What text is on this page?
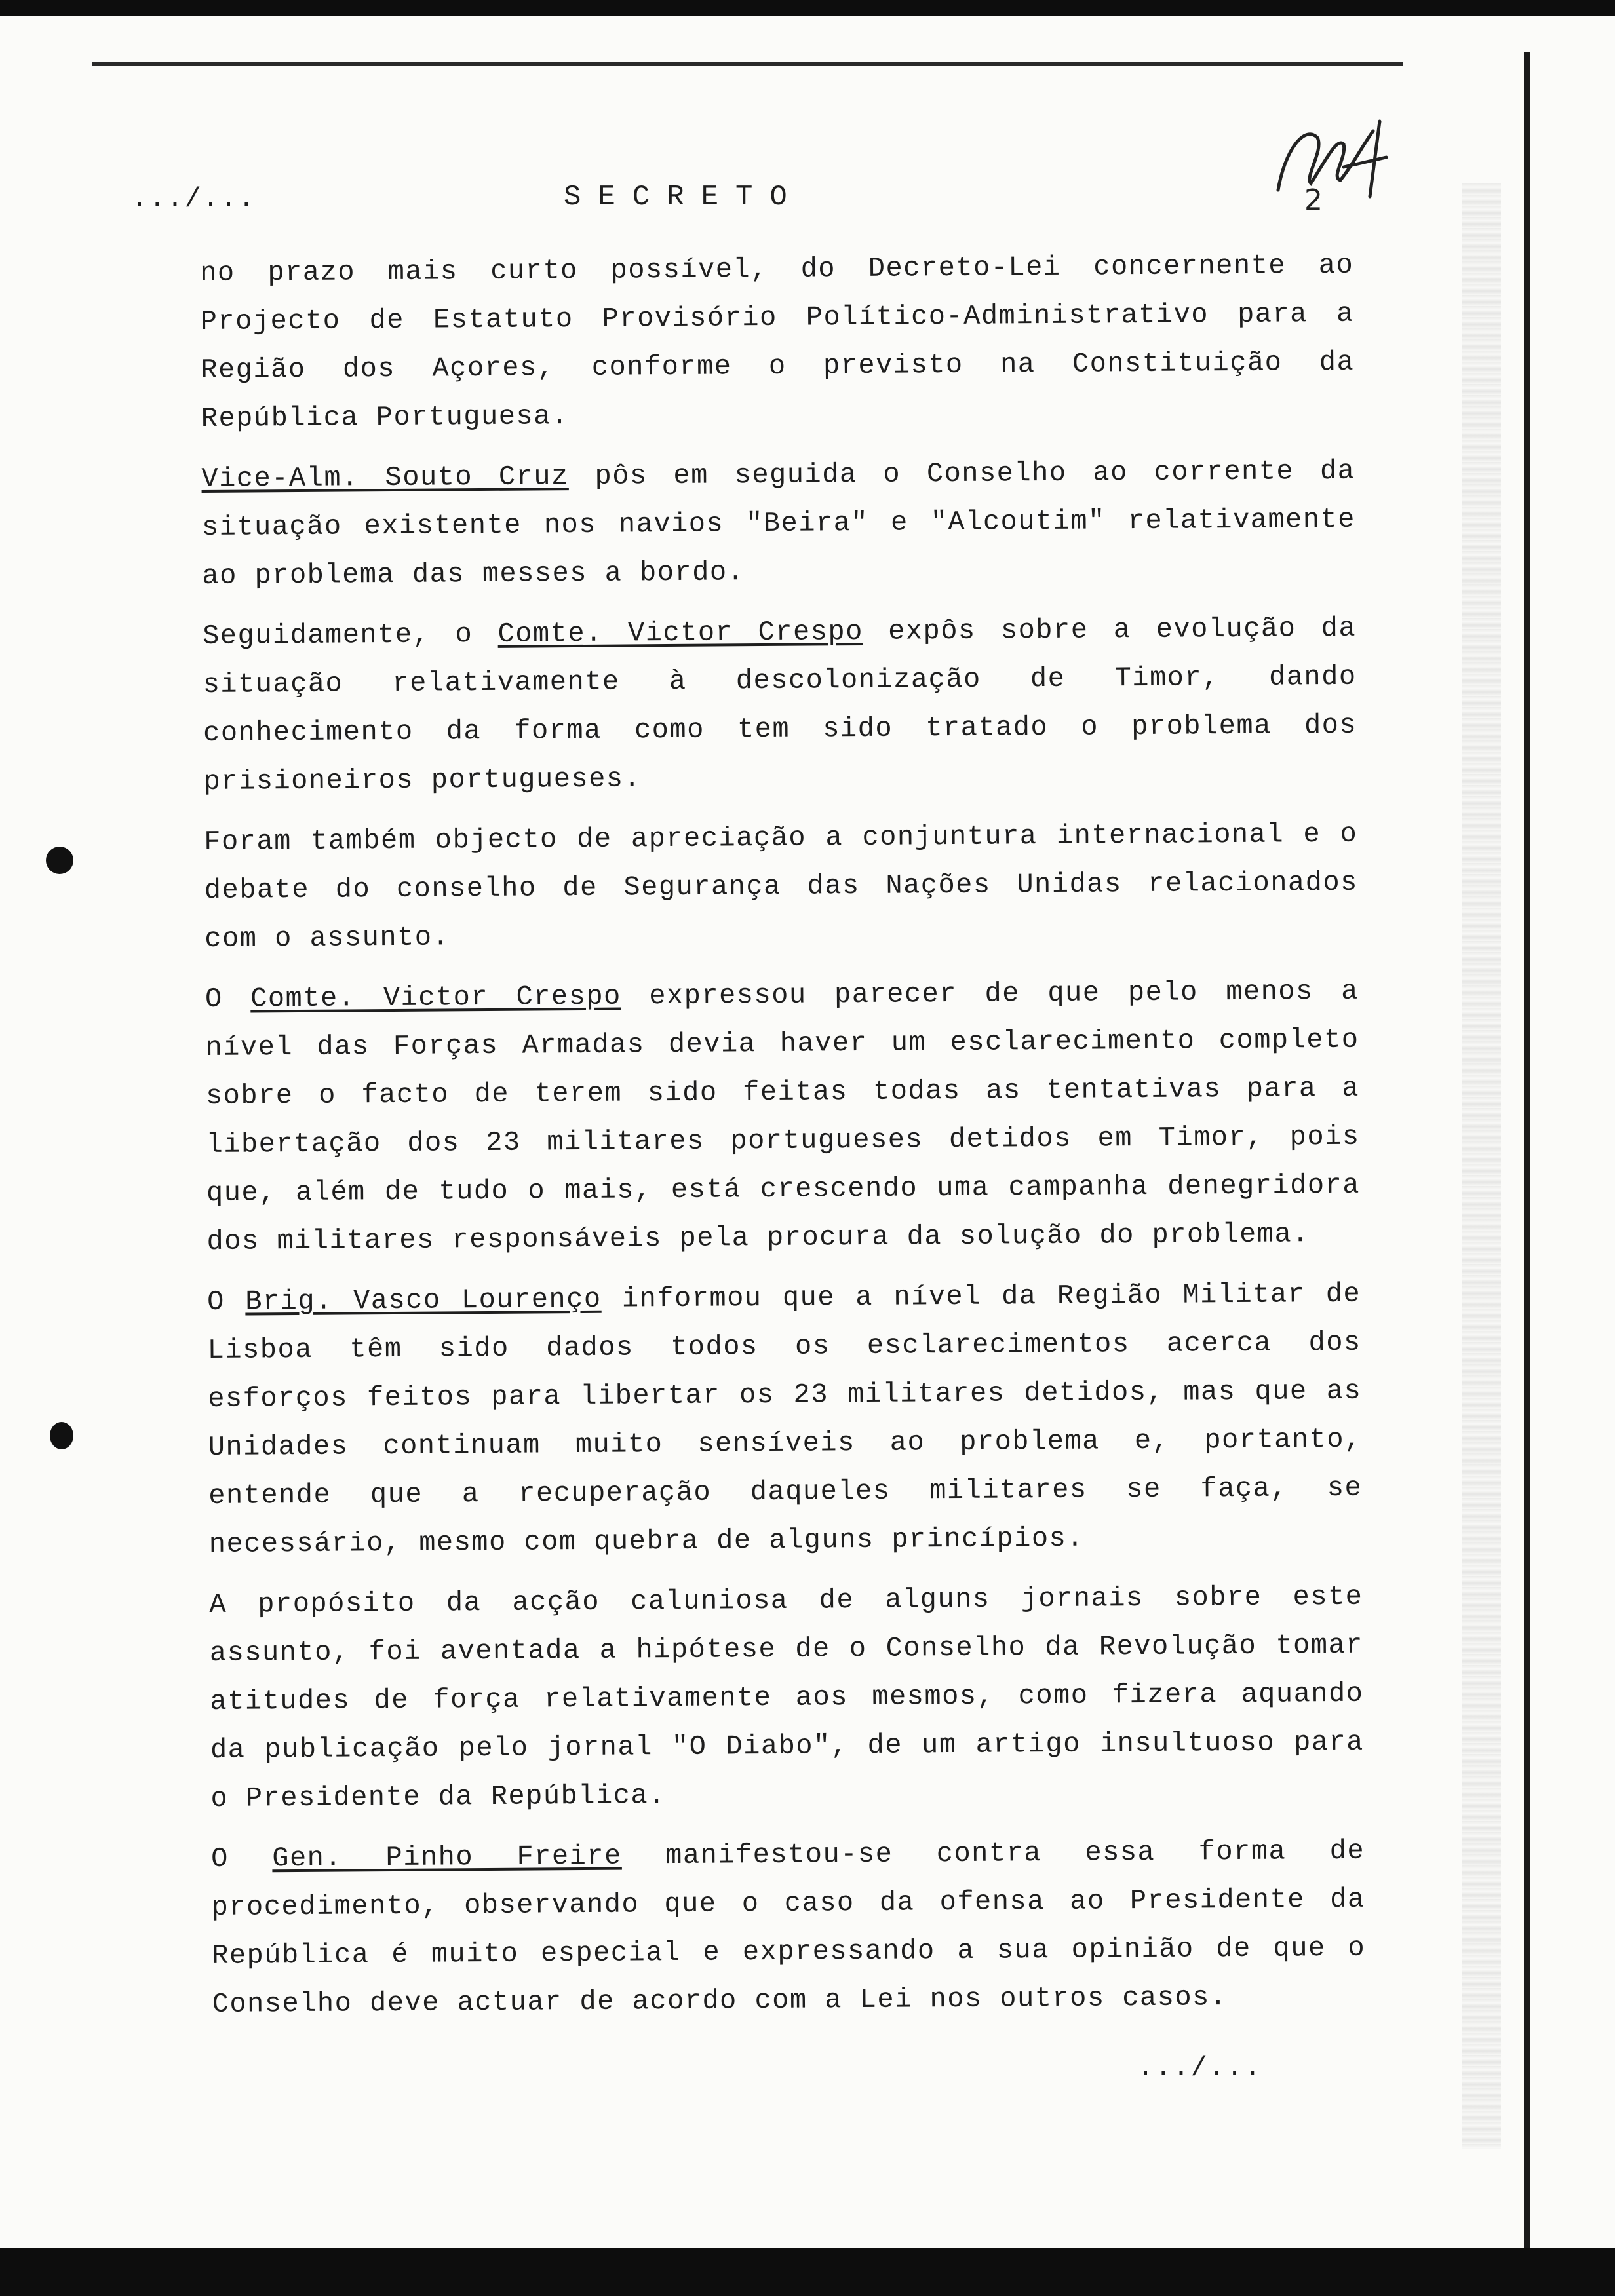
.../...	SECRETO	2

no prazo mais curto possível, do Decreto-Lei concernente ao Projecto de Estatuto Provisório Político-Administrativo para a Região dos Açores, conforme o previsto na Constituição da República Portuguesa.

Vice-Alm. Souto Cruz pôs em seguida o Conselho ao corrente da situação existente nos navios "Beira" e "Alcoutim" relativamente ao problema das messes a bordo.

Seguidamente, o Comte. Victor Crespo expôs sobre a evolução da situação relativamente à descolonização de Timor, dando conhecimento da forma como tem sido tratado o problema dos prisioneiros portugueses.

Foram também objecto de apreciação a conjuntura internacional e o debate do conselho de Segurança das Nações Unidas relacionados com o assunto.

O Comte. Victor Crespo expressou parecer de que pelo menos a nível das Forças Armadas devia haver um esclarecimento completo sobre o facto de terem sido feitas todas as tentativas para a libertação dos 23 militares portugueses detidos em Timor, pois que, além de tudo o mais, está crescendo uma campanha denegridora dos militares responsáveis pela procura da solução do problema.

O Brig. Vasco Lourenço informou que a nível da Região Militar de Lisboa têm sido dados todos os esclarecimentos acerca dos esforços feitos para libertar os 23 militares detidos, mas que as Unidades continuam muito sensíveis ao problema e, portanto, entende que a recuperação daqueles militares se faça, se necessário, mesmo com quebra de alguns princípios.

A propósito da acção caluniosa de alguns jornais sobre este assunto, foi aventada a hipótese de o Conselho da Revolução tomar atitudes de força relativamente aos mesmos, como fizera aquando da publicação pelo jornal "O Diabo", de um artigo insultuoso para o Presidente da República.

O Gen. Pinho Freire manifestou-se contra essa forma de procedimento, observando que o caso da ofensa ao Presidente da República é muito especial e expressando a sua opinião de que o Conselho deve actuar de acordo com a Lei nos outros casos.

.../...
